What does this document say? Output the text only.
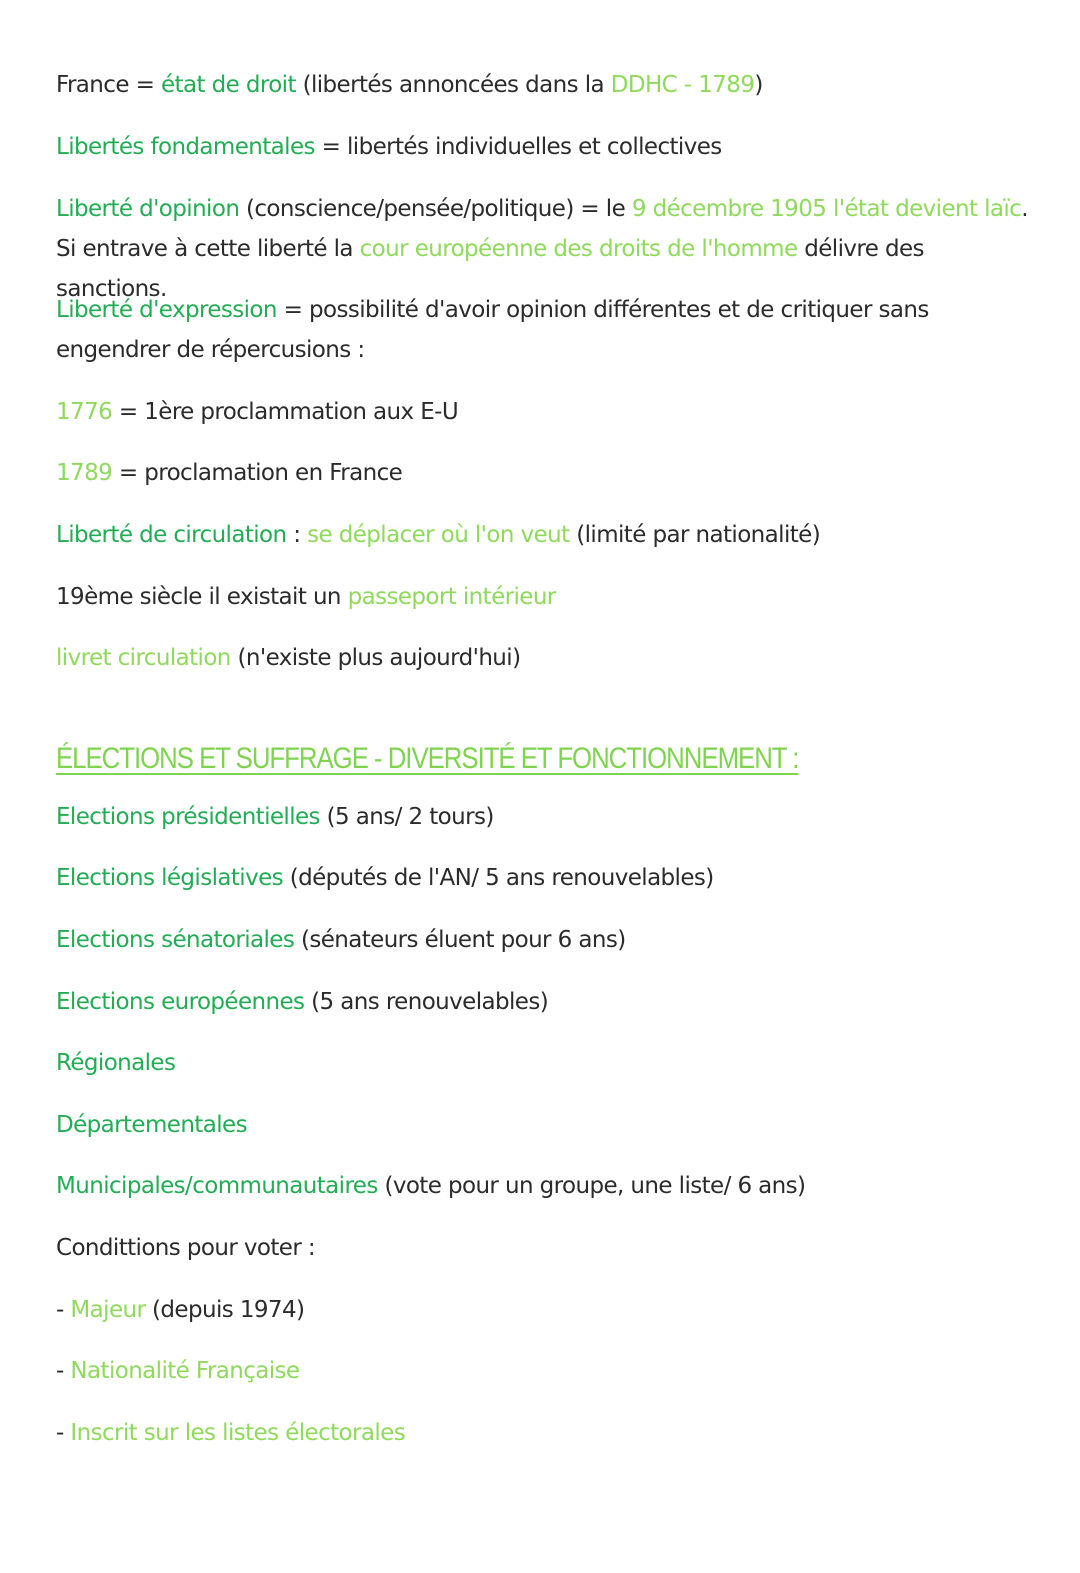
France = état de droit (libertés annoncées dans la DDHC - 1789)
Libertés fondamentales = libertés individuelles et collectives
Liberté d'opinion (conscience/pensée/politique) = le 9 décembre 1905 l'état devient laïc. Si entrave à cette liberté la cour européenne des droits de l'homme délivre des sanctions.
Liberté d'expression = possibilité d'avoir opinion différentes et de critiquer sans engendrer de répercusions :
1776 = 1ère proclammation aux E-U
1789 = proclamation en France
Liberté de circulation : se déplacer où l'on veut (limité par nationalité)
19ème siècle il existait un passeport intérieur
livret circulation (n'existe plus aujourd'hui)
ÉLECTIONS ET SUFFRAGE - DIVERSITÉ ET FONCTIONNEMENT :
Elections présidentielles (5 ans/ 2 tours)
Elections législatives (députés de l'AN/ 5 ans renouvelables)
Elections sénatoriales (sénateurs éluent pour 6 ans)
Elections européennes (5 ans renouvelables)
Régionales
Départementales
Municipales/communautaires (vote pour un groupe, une liste/ 6 ans)
Condittions pour voter :
- Majeur (depuis 1974)
- Nationalité Française
- Inscrit sur les listes électorales
